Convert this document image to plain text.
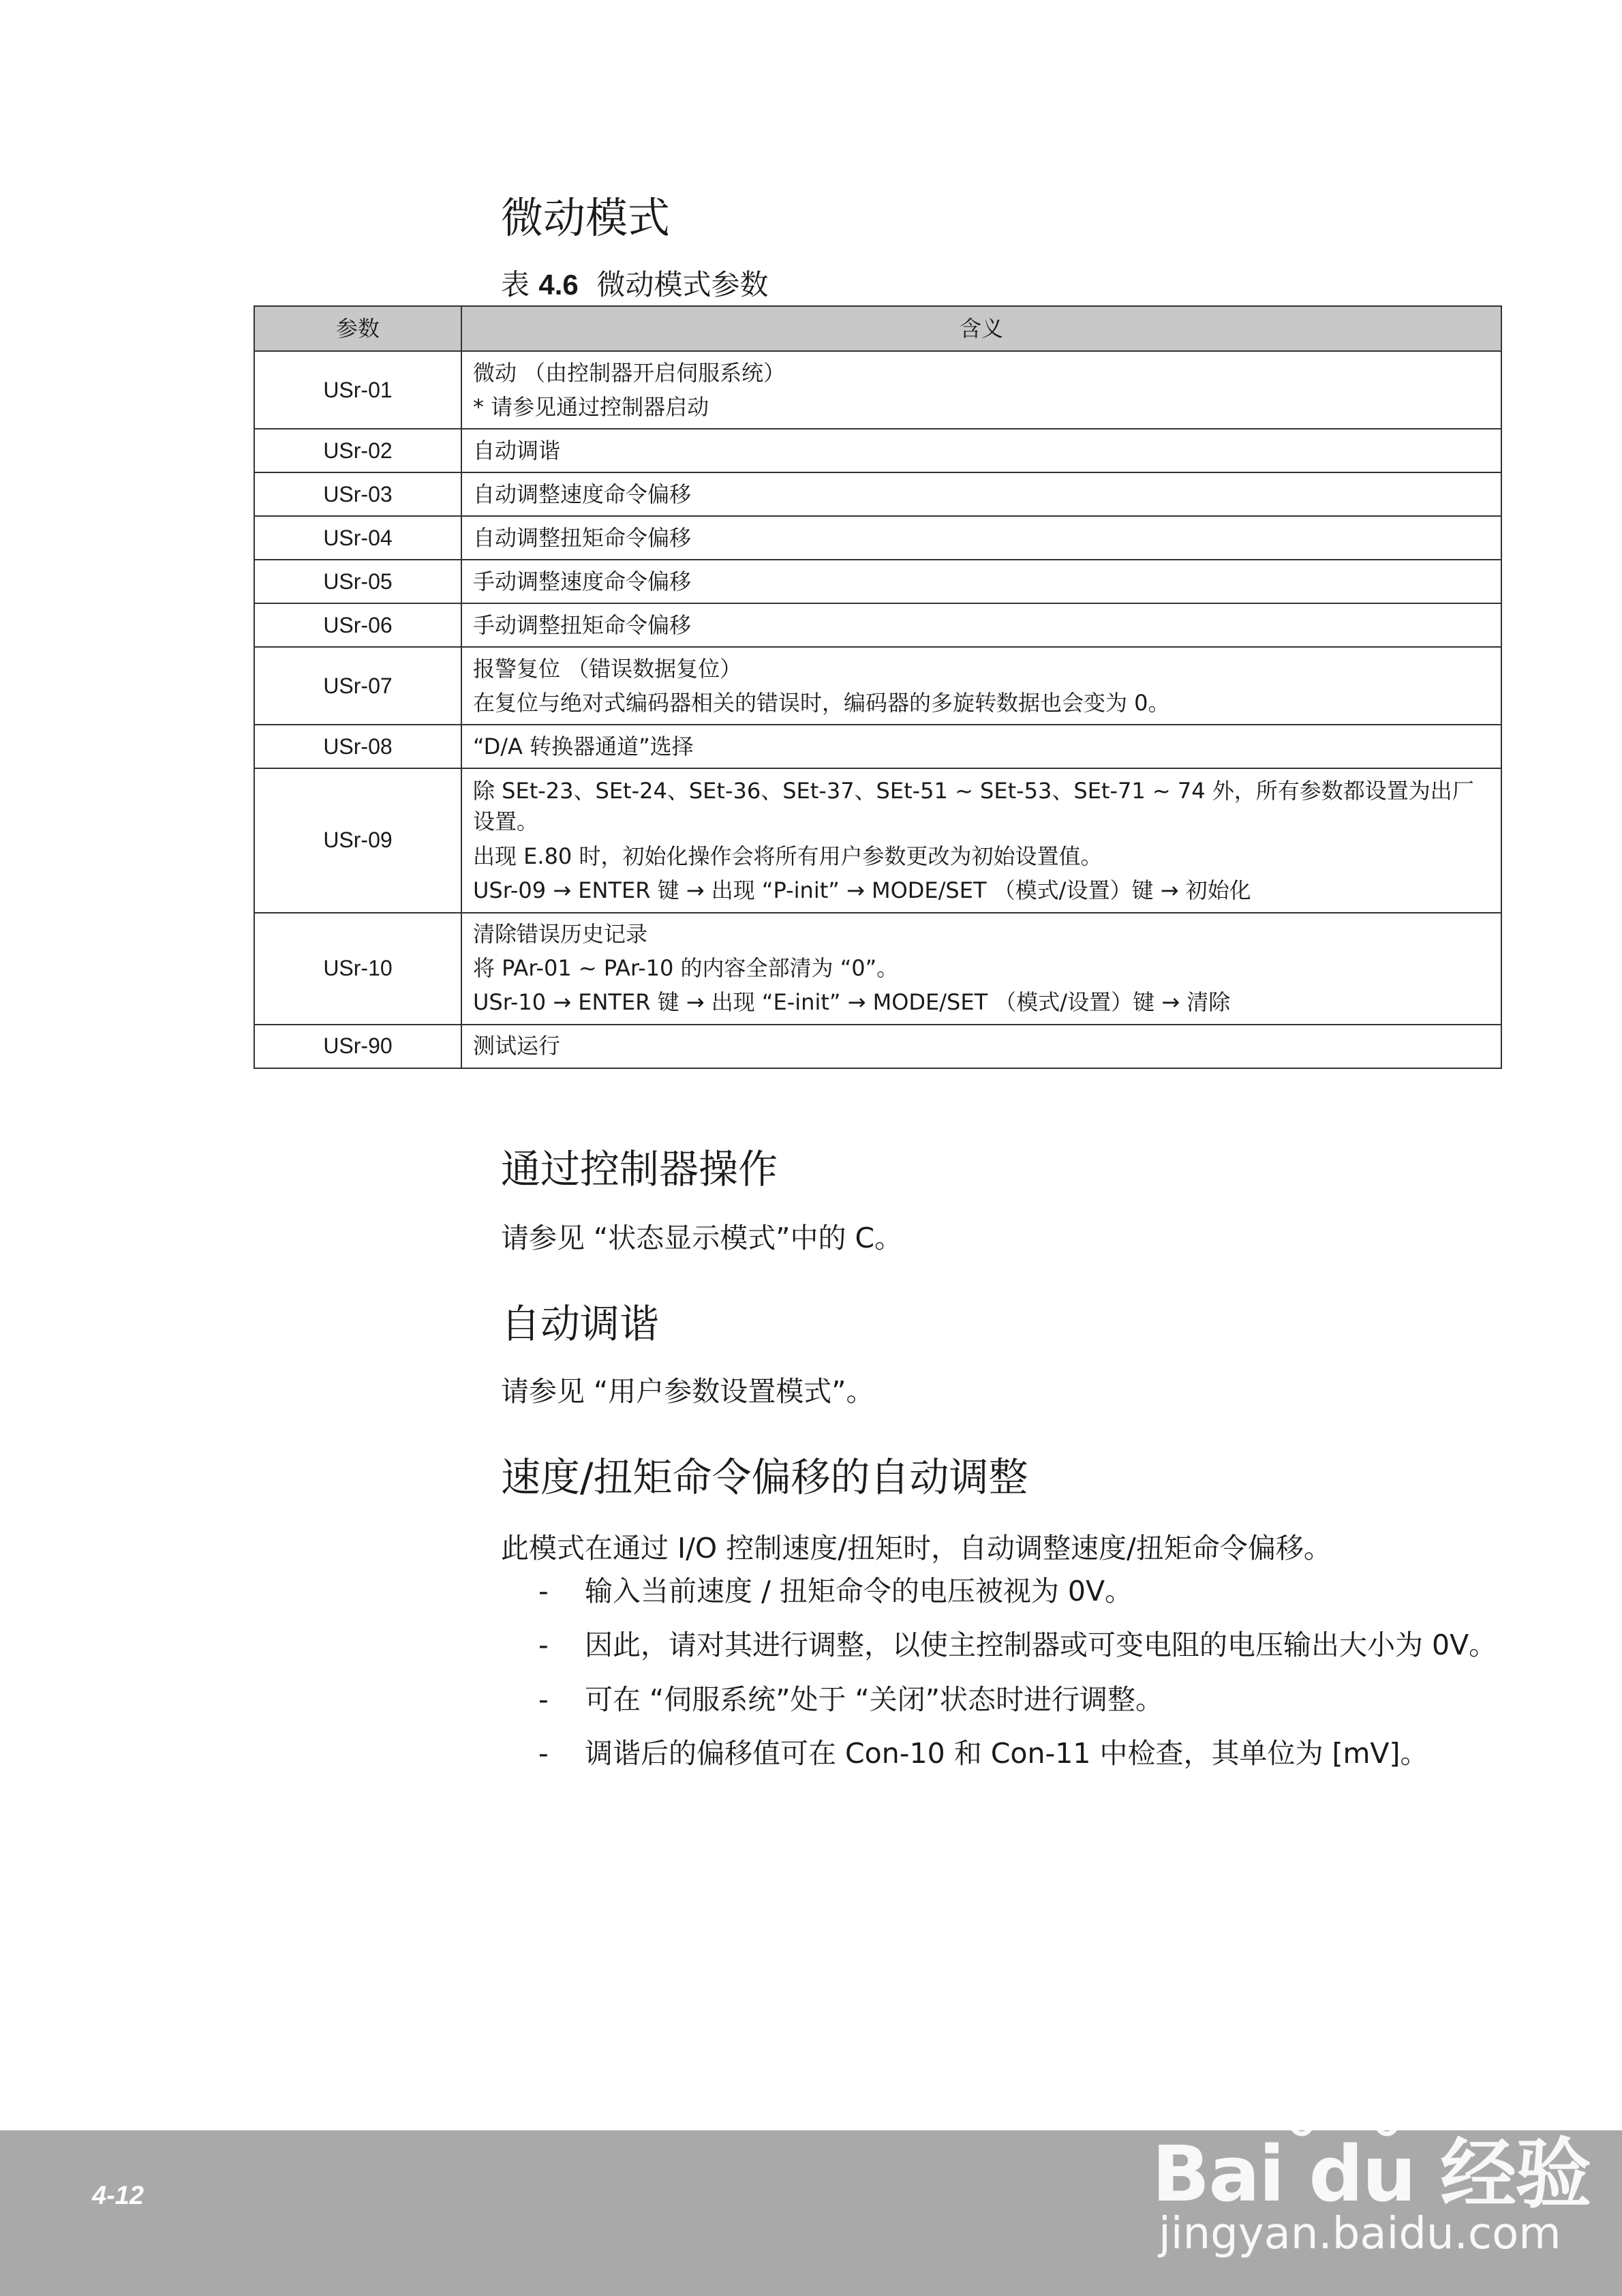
微动模式
表 4.6 微动模式参数
参数	含义
USr-01	微动 （由控制器开启伺服系统）
* 请参见通过控制器启动

USr-02	自动调谐

USr-03	自动调整速度命令偏移

USr-04	自动调整扭矩命令偏移

USr-05	手动调整速度命令偏移

USr-06	手动调整扭矩命令偏移

USr-07	报警复位 （错误数据复位）
在复位与绝对式编码器相关的错误时，编码器的多旋转数据也会变为 0。

USr-08	“D/A 转换器通道”选择

USr-09	除 SEt-23、SEt-24、SEt-36、SEt-37、SEt-51 ~ SEt-53、SEt-71 ~ 74 外，所有参数都设置为出厂设置。
出现 E.80 时，初始化操作会将所有用户参数更改为初始设置值。
USr-09 → ENTER 键 → 出现 “P-init” → MODE/SET （模式/设置）键 → 初始化

USr-10	清除错误历史记录
将 PAr-01 ~ PAr-10 的内容全部清为 “0”。
USr-10 → ENTER 键 → 出现 “E-init” → MODE/SET （模式/设置）键 → 清除

USr-90	测试运行
通过控制器操作
请参见 “状态显示模式”中的 C。
自动调谐
请参见 “用户参数设置模式”。
速度/扭矩命令偏移的自动调整
此模式在通过 I/O 控制速度/扭矩时，自动调整速度/扭矩命令偏移。
- 输入当前速度 / 扭矩命令的电压被视为 0V。
- 因此，请对其进行调整，以使主控制器或可变电阻的电压输出大小为 0V。
- 可在 “伺服系统”处于 “关闭”状态时进行调整。
- 调谐后的偏移值可在 Con-10 和 Con-11 中检查，其单位为 [mV]。
4-12	Bai du 经验
jingyan.baidu.com
